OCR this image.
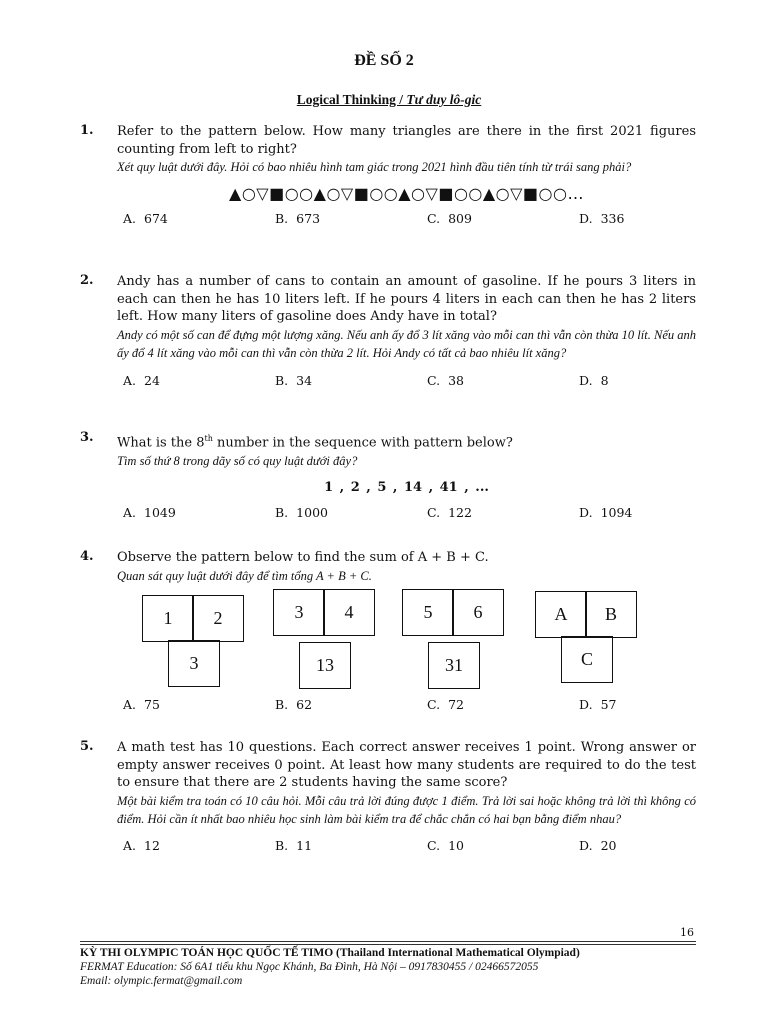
ĐỀ SỐ 2
Logical Thinking / Tư duy lô-gic
1. Refer to the pattern below. How many triangles are there in the first 2021 figures counting from left to right?
Xét quy luật dưới đây. Hỏi có bao nhiêu hình tam giác trong 2021 hình đầu tiên tính từ trái sang phải?
▲○▽■○○▲○▽■○○▲○▽■○○▲○▽■○○…
A. 674	B. 673	C. 809	D. 336
2. Andy has a number of cans to contain an amount of gasoline. If he pours 3 liters in each can then he has 10 liters left. If he pours 4 liters in each can then he has 2 liters left. How many liters of gasoline does Andy have in total?
Andy có một số can để đựng một lượng xăng. Nếu anh ấy đổ 3 lít xăng vào mỗi can thì vẫn còn thừa 10 lít. Nếu anh ấy đổ 4 lít xăng vào mỗi can thì vẫn còn thừa 2 lít. Hỏi Andy có tất cả bao nhiêu lít xăng?
A. 24	B. 34	C. 38	D. 8
3. What is the 8th number in the sequence with pattern below?
Tìm số thứ 8 trong dãy số có quy luật dưới đây?
1 , 2 , 5 , 14 , 41 , ...
A. 1049	B. 1000	C. 122	D. 1094
4. Observe the pattern below to find the sum of A + B + C.
Quan sát quy luật dưới đây để tìm tổng A + B + C.
1	2
3
3	4
13
5	6
31
A	B
C
A. 75	B. 62	C. 72	D. 57
5. A math test has 10 questions. Each correct answer receives 1 point. Wrong answer or empty answer receives 0 point. At least how many students are required to do the test to ensure that there are 2 students having the same score?
Một bài kiểm tra toán có 10 câu hỏi. Mỗi câu trả lời đúng được 1 điểm. Trả lời sai hoặc không trả lời thì không có điểm. Hỏi cần ít nhất bao nhiêu học sinh làm bài kiểm tra để chắc chắn có hai bạn bằng điểm nhau?
A. 12	B. 11	C. 10	D. 20
16
KỲ THI OLYMPIC TOÁN HỌC QUỐC TẾ TIMO (Thailand International Mathematical Olympiad)
FERMAT Education: Số 6A1 tiểu khu Ngọc Khánh, Ba Đình, Hà Nội – 0917830455 / 02466572055
Email: olympic.fermat@gmail.com
